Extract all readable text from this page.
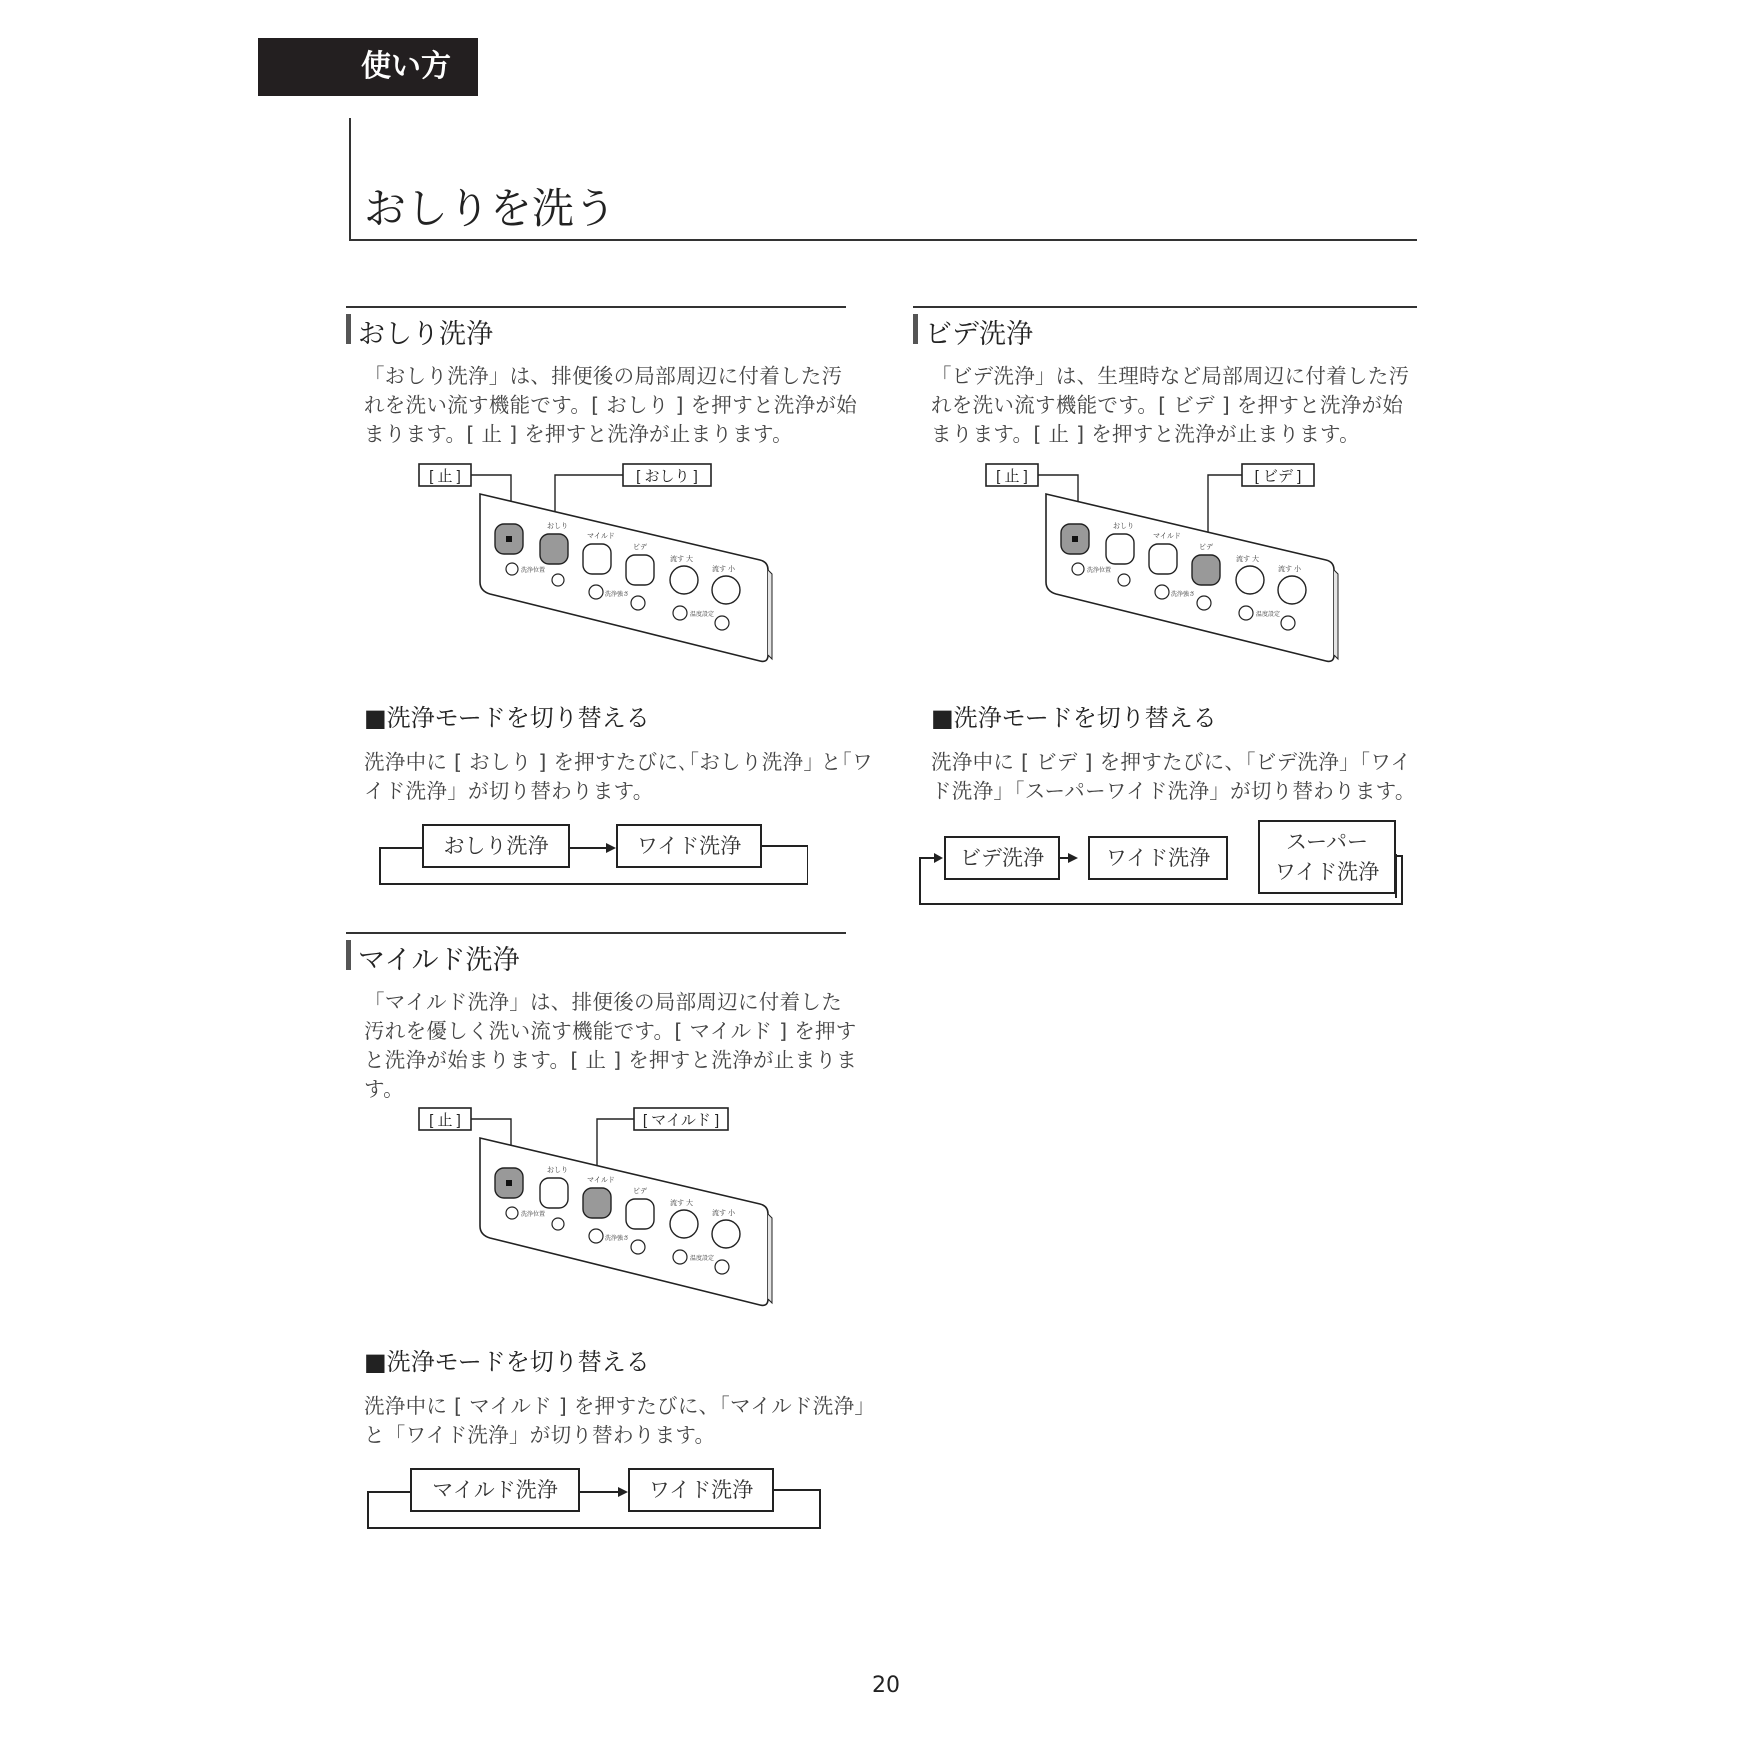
使い方
おしりを洗う
おしり洗浄
「おしり洗浄」は、排便後の局部周辺に付着した汚
れを洗い流す機能です。[ おしり ] を押すと洗浄が始
まります。[ 止 ] を押すと洗浄が止まります。
[ 止 ]	[ おしり ]
おしり
マイルド
ビデ
流す 大
流す 小
洗浄位置
洗浄強さ
温度設定
■洗浄モードを切り替える
洗浄中に [ おしり ] を押すたびに､｢おしり洗浄｣ と｢ワ
イド洗浄」が切り替わります。
おしり洗浄	ワイド洗浄
マイルド洗浄
「マイルド洗浄」は、排便後の局部周辺に付着した
汚れを優しく洗い流す機能です。[ マイルド ] を押す
と洗浄が始まります。[ 止 ] を押すと洗浄が止まりま
す。
[ 止 ]	[ マイルド ]
おしり
マイルド
ビデ
流す 大
流す 小
洗浄位置
洗浄強さ
温度設定
■洗浄モードを切り替える
洗浄中に [ マイルド ] を押すたびに、「マイルド洗浄」
と「ワイド洗浄」が切り替わります。
マイルド洗浄	ワイド洗浄
ビデ洗浄
「ビデ洗浄」は、生理時など局部周辺に付着した汚
れを洗い流す機能です。[ ビデ ] を押すと洗浄が始
まります。[ 止 ] を押すと洗浄が止まります。
[ 止 ]	[ ビデ ]
おしり
マイルド
ビデ
流す 大
流す 小
洗浄位置
洗浄強さ
温度設定
■洗浄モードを切り替える
洗浄中に [ ビデ ] を押すたびに、「ビデ洗浄」「ワイ
ド洗浄」「スーパーワイド洗浄」が切り替わります。
ビデ洗浄	ワイド洗浄
スーパー
ワイド洗浄
20
